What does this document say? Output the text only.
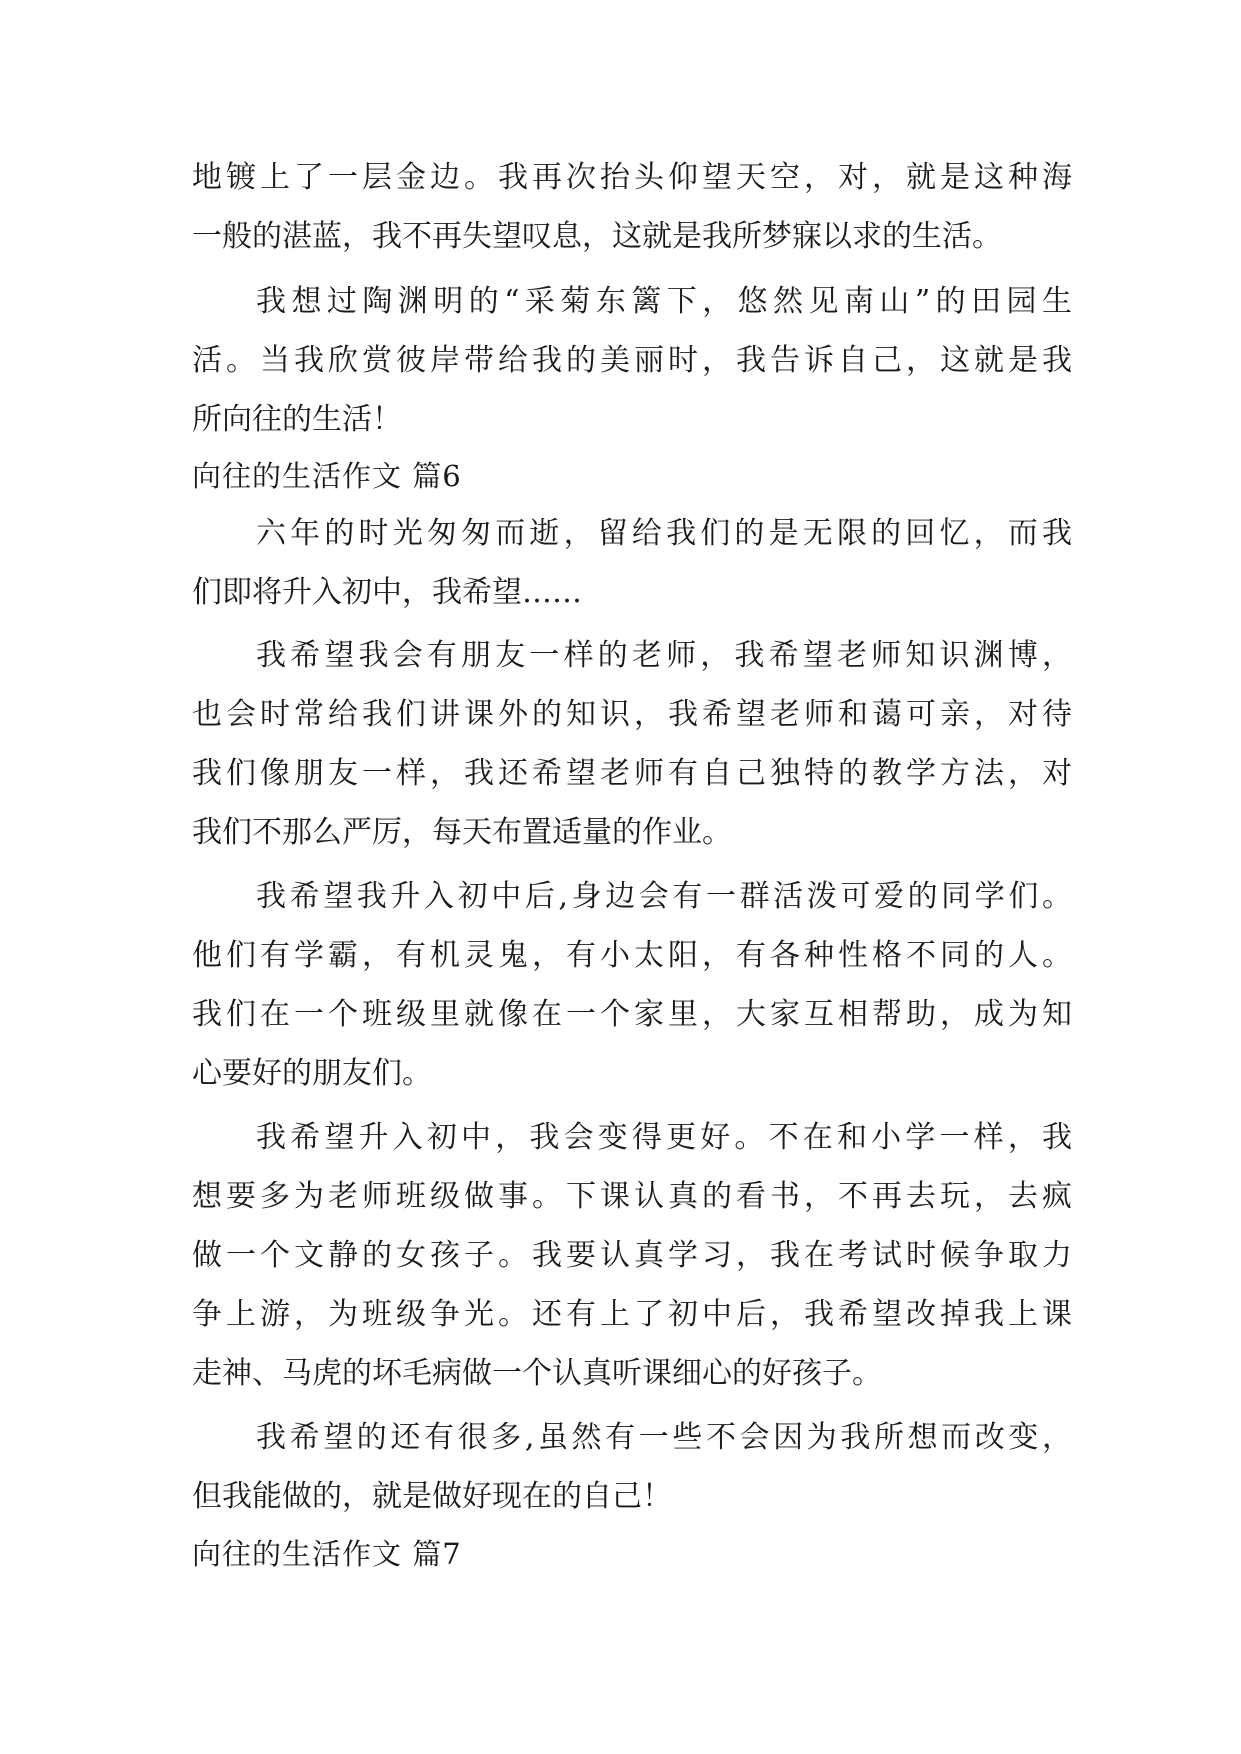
地镀上了一层金边。我再次抬头仰望天空，对，就是这种海
一般的湛蓝，我不再失望叹息，这就是我所梦寐以求的生活。
我想过陶渊明的“采菊东篱下，悠然见南山”的田园生
活。当我欣赏彼岸带给我的美丽时，我告诉自己，这就是我
所向往的生活！
向往的生活作文 篇6
六年的时光匆匆而逝，留给我们的是无限的回忆，而我
们即将升入初中，我希望……
我希望我会有朋友一样的老师，我希望老师知识渊博，
也会时常给我们讲课外的知识，我希望老师和蔼可亲，对待
我们像朋友一样，我还希望老师有自己独特的教学方法，对
我们不那么严厉，每天布置适量的作业。
我希望我升入初中后,身边会有一群活泼可爱的同学们。
他们有学霸，有机灵鬼，有小太阳，有各种性格不同的人。
我们在一个班级里就像在一个家里，大家互相帮助，成为知
心要好的朋友们。
我希望升入初中，我会变得更好。不在和小学一样，我
想要多为老师班级做事。下课认真的看书，不再去玩，去疯
做一个文静的女孩子。我要认真学习，我在考试时候争取力
争上游，为班级争光。还有上了初中后，我希望改掉我上课
走神、马虎的坏毛病做一个认真听课细心的好孩子。
我希望的还有很多,虽然有一些不会因为我所想而改变，
但我能做的，就是做好现在的自己！
向往的生活作文 篇7
